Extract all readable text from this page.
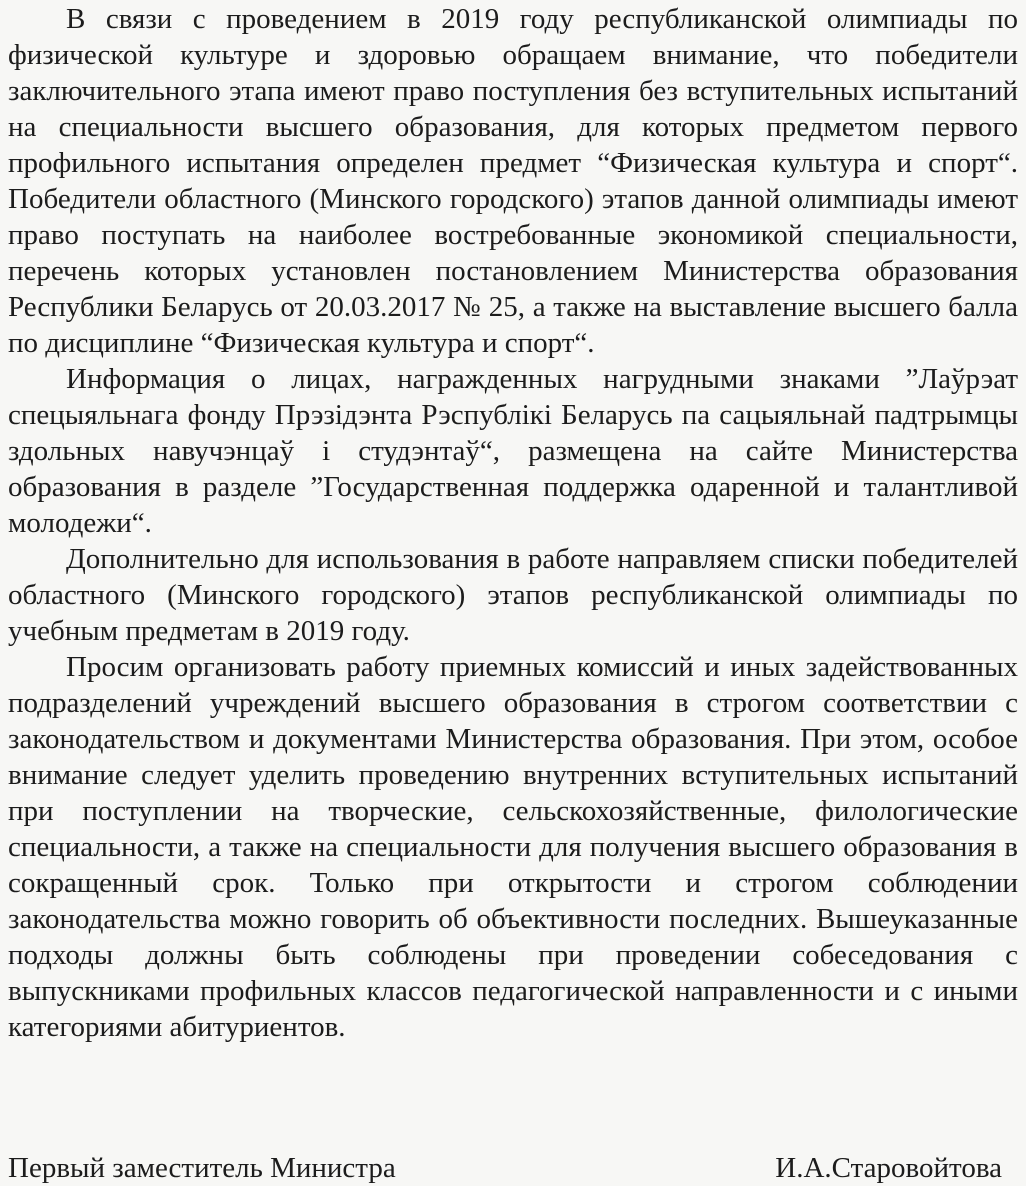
В связи с проведением в 2019 году республиканской олимпиады по физической культуре и здоровью обращаем внимание, что победители заключительного этапа имеют право поступления без вступительных испытаний на специальности высшего образования, для которых предметом первого профильного испытания определен предмет “Физическая культура и спорт“. Победители областного (Минского городского) этапов данной олимпиады имеют право поступать на наиболее востребованные экономикой специальности, перечень которых установлен постановлением Министерства образования Республики Беларусь от 20.03.2017 № 25, а также на выставление высшего балла по дисциплине “Физическая культура и спорт“.

Информация о лицах, награжденных нагрудными знаками ”Лаўрэат спецыяльнага фонду Прэзідэнта Рэспублікі Беларусь па сацыяльнай падтрымцы здольных навучэнцаў і студэнтаў“, размещена на сайте Министерства образования в разделе ”Государственная поддержка одаренной и талантливой молодежи“.

Дополнительно для использования в работе направляем списки победителей областного (Минского городского) этапов республиканской олимпиады по учебным предметам в 2019 году.

Просим организовать работу приемных комиссий и иных задействованных подразделений учреждений высшего образования в строгом соответствии с законодательством и документами Министерства образования. При этом, особое внимание следует уделить проведению внутренних вступительных испытаний при поступлении на творческие, сельскохозяйственные, филологические специальности, а также на специальности для получения высшего образования в сокращенный срок. Только при открытости и строгом соблюдении законодательства можно говорить об объективности последних. Вышеуказанные подходы должны быть соблюдены при проведении собеседования с выпускниками профильных классов педагогической направленности и с иными категориями абитуриентов.

Первый заместитель Министра	И.А.Старовойтова
